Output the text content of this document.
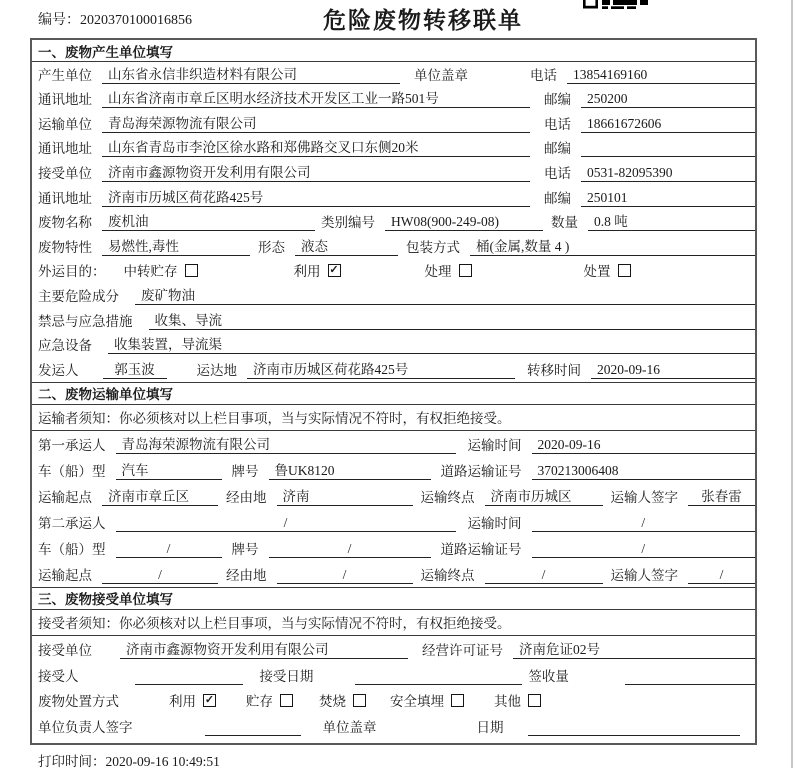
编号：2020370100016856	危险废物转移联单
一、废物产生单位填写
产生单位	山东省永信非织造材料有限公司	单位盖章	电话	13854169160
通讯地址	山东省济南市章丘区明水经济技术开发区工业一路501号	邮编	250200
运输单位	青岛海荣源物流有限公司	电话	18661672606
通讯地址	山东省青岛市李沧区徐水路和郑佛路交叉口东侧20米	邮编
接受单位	济南市鑫源物资开发利用有限公司	电话	0531-82095390
通讯地址	济南市历城区荷花路425号	邮编	250101
废物名称	废机油	类别编号	HW08(900-249-08)	数量	0.8 吨
废物特性	易燃性,毒性	形态	液态	包装方式	桶(金属,数量 4 )
外运目的： 中转贮存	利用 ✓	处理	处置
主要危险成分	废矿物油
禁忌与应急措施	收集、导流
应急设备	收集装置，导流渠
发运人	郭玉波	运达地	济南市历城区荷花路425号	转移时间	2020-09-16
二、废物运输单位填写
运输者须知：你必须核对以上栏目事项，当与实际情况不符时，有权拒绝接受。
第一承运人	青岛海荣源物流有限公司	运输时间	2020-09-16
车（船）型	汽车	牌号	鲁UK8120	道路运输证号	370213006408
运输起点	济南市章丘区	经由地	济南	运输终点	济南市历城区	运输人签字	张春雷
第二承运人	/	运输时间	/
车（船）型	/	牌号	/	道路运输证号	/
运输起点	/	经由地	/	运输终点	/	运输人签字	/
三、废物接受单位填写
接受者须知：你必须核对以上栏目事项，当与实际情况不符时，有权拒绝接受。
接受单位	济南市鑫源物资开发利用有限公司	经营许可证号	济南危证02号
接受人	接受日期	签收量
废物处置方式	利用 ✓ 贮存	焚烧	安全填埋	其他
单位负责人签字	单位盖章	日期
打印时间：2020-09-16 10:49:51
